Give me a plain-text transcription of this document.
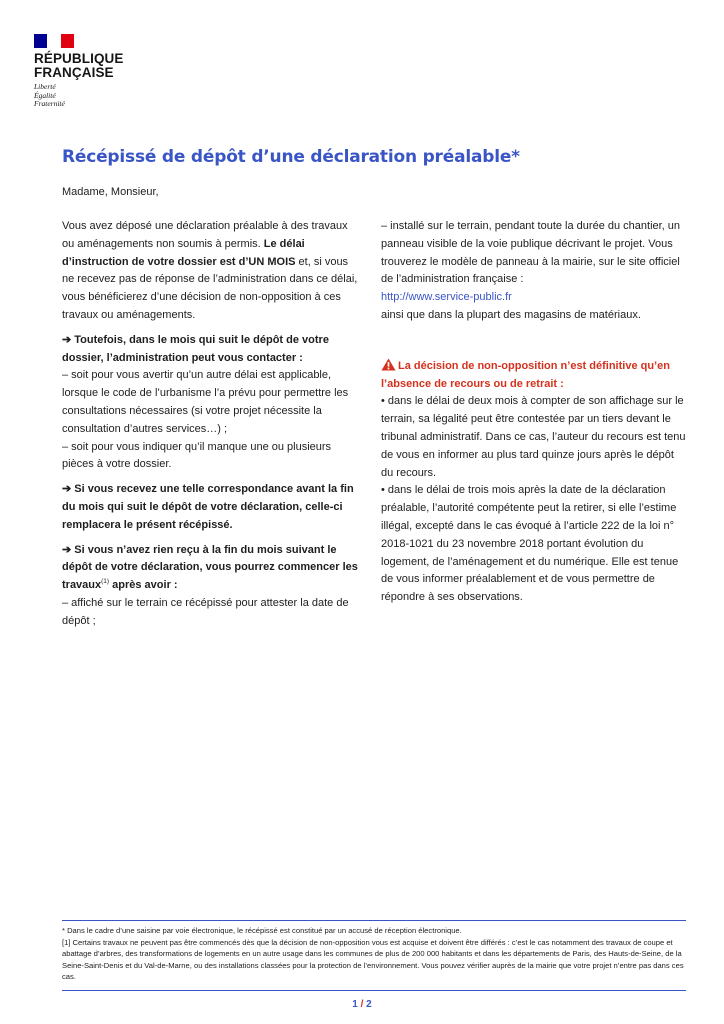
RÉPUBLIQUE
FRANÇAISE
Liberté
Égalité
Fraternité
Récépissé de dépôt d’une déclaration préalable*
Madame, Monsieur,

Vous avez déposé une déclaration préalable à des travaux ou aménagements non soumis à permis. Le délai d’instruction de votre dossier est d’UN MOIS et, si vous ne recevez pas de réponse de l’administration dans ce délai, vous bénéficierez d’une décision de non-opposition à ces travaux ou aménagements.

➔ Toutefois, dans le mois qui suit le dépôt de votre dossier, l’administration peut vous contacter :

– soit pour vous avertir qu’un autre délai est applicable, lorsque le code de l’urbanisme l’a prévu pour permettre les consultations nécessaires (si votre projet nécessite la consultation d’autres services…) ;

– soit pour vous indiquer qu’il manque une ou plusieurs pièces à votre dossier.

➔ Si vous recevez une telle correspondance avant la fin du mois qui suit le dépôt de votre déclaration, celle-ci remplacera le présent récépissé.

➔ Si vous n’avez rien reçu à la fin du mois suivant le dépôt de votre déclaration, vous pourrez commencer les travaux$^{(1)}$ après avoir :

– affiché sur le terrain ce récépissé pour attester la date de dépôt ;

– installé sur le terrain, pendant toute la durée du chantier, un panneau visible de la voie publique décrivant le projet. Vous trouverez le modèle de panneau à la mairie, sur le site officiel de l’administration française :

http://www.service-public.fr

ainsi que dans la plupart des magasins de matériaux.

La décision de non-opposition n’est définitive qu’en l’absence de recours ou de retrait :

• dans le délai de deux mois à compter de son affichage sur le terrain, sa légalité peut être contestée par un tiers devant le tribunal administratif. Dans ce cas, l’auteur du recours est tenu de vous en informer au plus tard quinze jours après le dépôt du recours.

• dans le délai de trois mois après la date de la déclaration préalable, l’autorité compétente peut la retirer, si elle l’estime illégal, excepté dans le cas évoqué à l’article 222 de la loi n° 2018-1021 du 23 novembre 2018 portant évolution du logement, de l’aménagement et du numérique. Elle est tenue de vous informer préalablement et de vous permettre de répondre à ses observations.

* Dans le cadre d’une saisine par voie électronique, le récépissé est constitué par un accusé de réception électronique.

[1] Certains travaux ne peuvent pas être commencés dès que la décision de non-opposition vous est acquise et doivent être différés : c’est le cas notamment des travaux de coupe et abattage d’arbres, des transformations de logements en un autre usage dans les communes de plus de 200 000 habitants et dans les départements de Paris, des Hauts-de-Seine, de la Seine-Saint-Denis et du Val-de-Marne, ou des installations classées pour la protection de l’environnement. Vous pouvez vérifier auprès de la mairie que votre projet n’entre pas dans ces cas.

1 / 2
